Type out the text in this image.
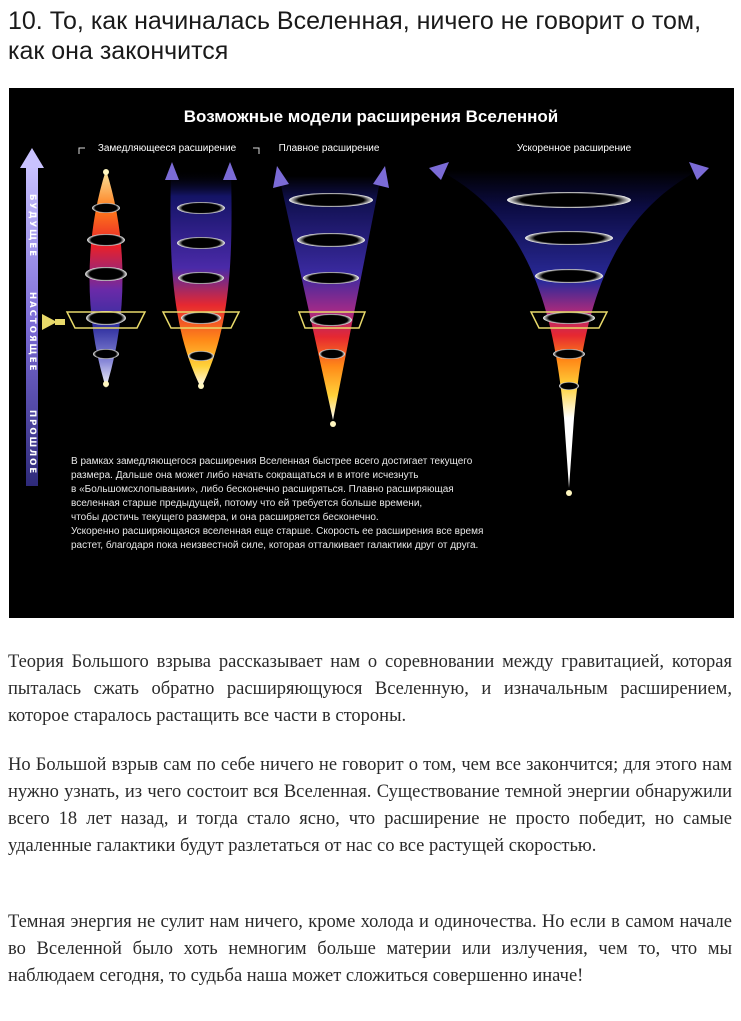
10. То, как начиналась Вселенная, ничего не говорит о том, как она закончится
Возможные модели расширения Вселенной
Замедляющееся расширение	Плавное расширение	Ускоренное расширение
БУДУЩЕЕ
НАСТОЯЩЕЕ
ПРОШЛОЕ	В рамках замедляющегося расширения Вселенная быстрее всего достигает текущего
размера. Дальше она может либо начать сокращаться и в итоге исчезнуть
в «Большомсхлопывании», либо бесконечно расширяться. Плавно расширяющая
вселенная старше предыдущей, потому что ей требуется больше времени,
чтобы достичь текущего размера, и она расширяется бесконечно.
Ускоренно расширяющаяся вселенная еще старше. Скорость ее расширения все время
растет, благодаря пока неизвестной силе, которая отталкивает галактики друг от друга.

Теория Большого взрыва рассказывает нам о соревновании между гравитацией, которая пыталась сжать обратно расширяющуюся Вселенную, и изначальным расширением, которое старалось растащить все части в стороны.

Но Большой взрыв сам по себе ничего не говорит о том, чем все закончится; для этого нам нужно узнать, из чего состоит вся Вселенная. Существование темной энергии обнаружили всего 18 лет назад, и тогда стало ясно, что расширение не просто победит, но самые удаленные галактики будут разлетаться от нас со все растущей скоростью.

Темная энергия не сулит нам ничего, кроме холода и одиночества. Но если в самом начале во Вселенной было хоть немногим больше материи или излучения, чем то, что мы наблюдаем сегодня, то судьба наша может сложиться совершенно иначе!
